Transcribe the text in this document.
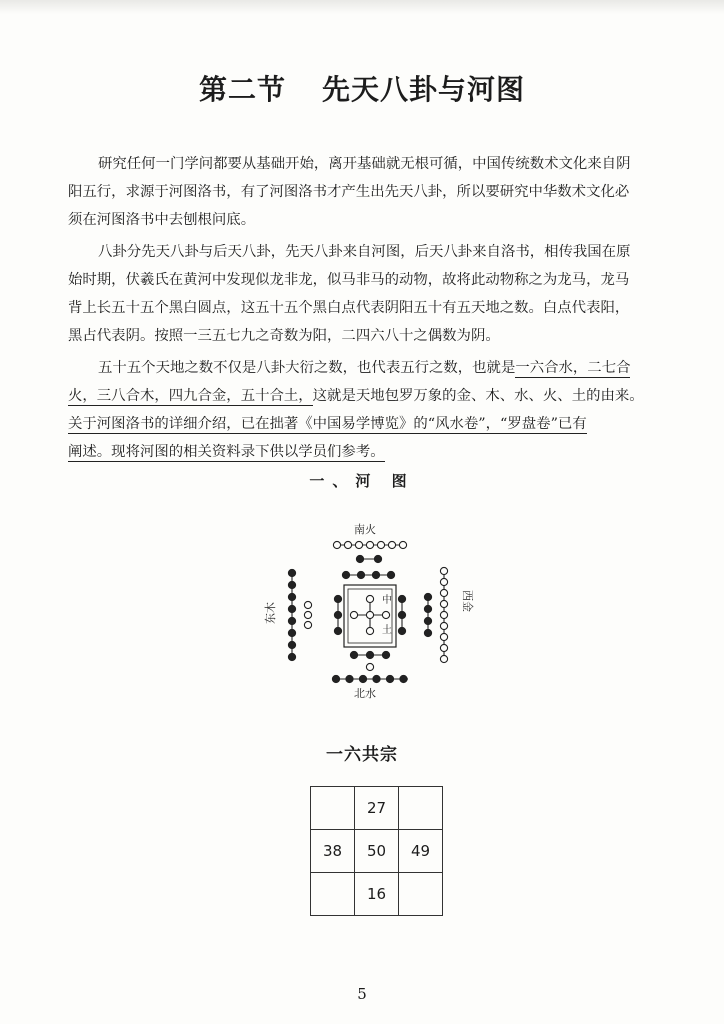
第二节 先天八卦与河图
研究任何一门学问都要从基础开始，离开基础就无根可循，中国传统数术文化来自阴
阳五行，求源于河图洛书，有了河图洛书才产生出先天八卦，所以要研究中华数术文化必
须在河图洛书中去刨根问底。
八卦分先天八卦与后天八卦，先天八卦来自河图，后天八卦来自洛书，相传我国在原
始时期，伏羲氏在黄河中发现似龙非龙，似马非马的动物，故将此动物称之为龙马，龙马
背上长五十五个黑白圆点，这五十五个黑白点代表阴阳五十有五天地之数。白点代表阳，
黑占代表阴。按照一三五七九之奇数为阳，二四六八十之偶数为阴。
五十五个天地之数不仅是八卦大衍之数，也代表五行之数，也就是一六合水，二七合
火，三八合木，四九合金，五十合土，这就是天地包罗万象的金、木、水、火、土的由来。
关于河图洛书的详细介绍，已在拙著《中国易学博览》的“风水卷”，“罗盘卷”已有
阐述。现将河图的相关资料录下供以学员们参考。
一、河 图
南火
北水
东木
西金
中
土
一六共宗
	27	
38	50	49
	16	
5
